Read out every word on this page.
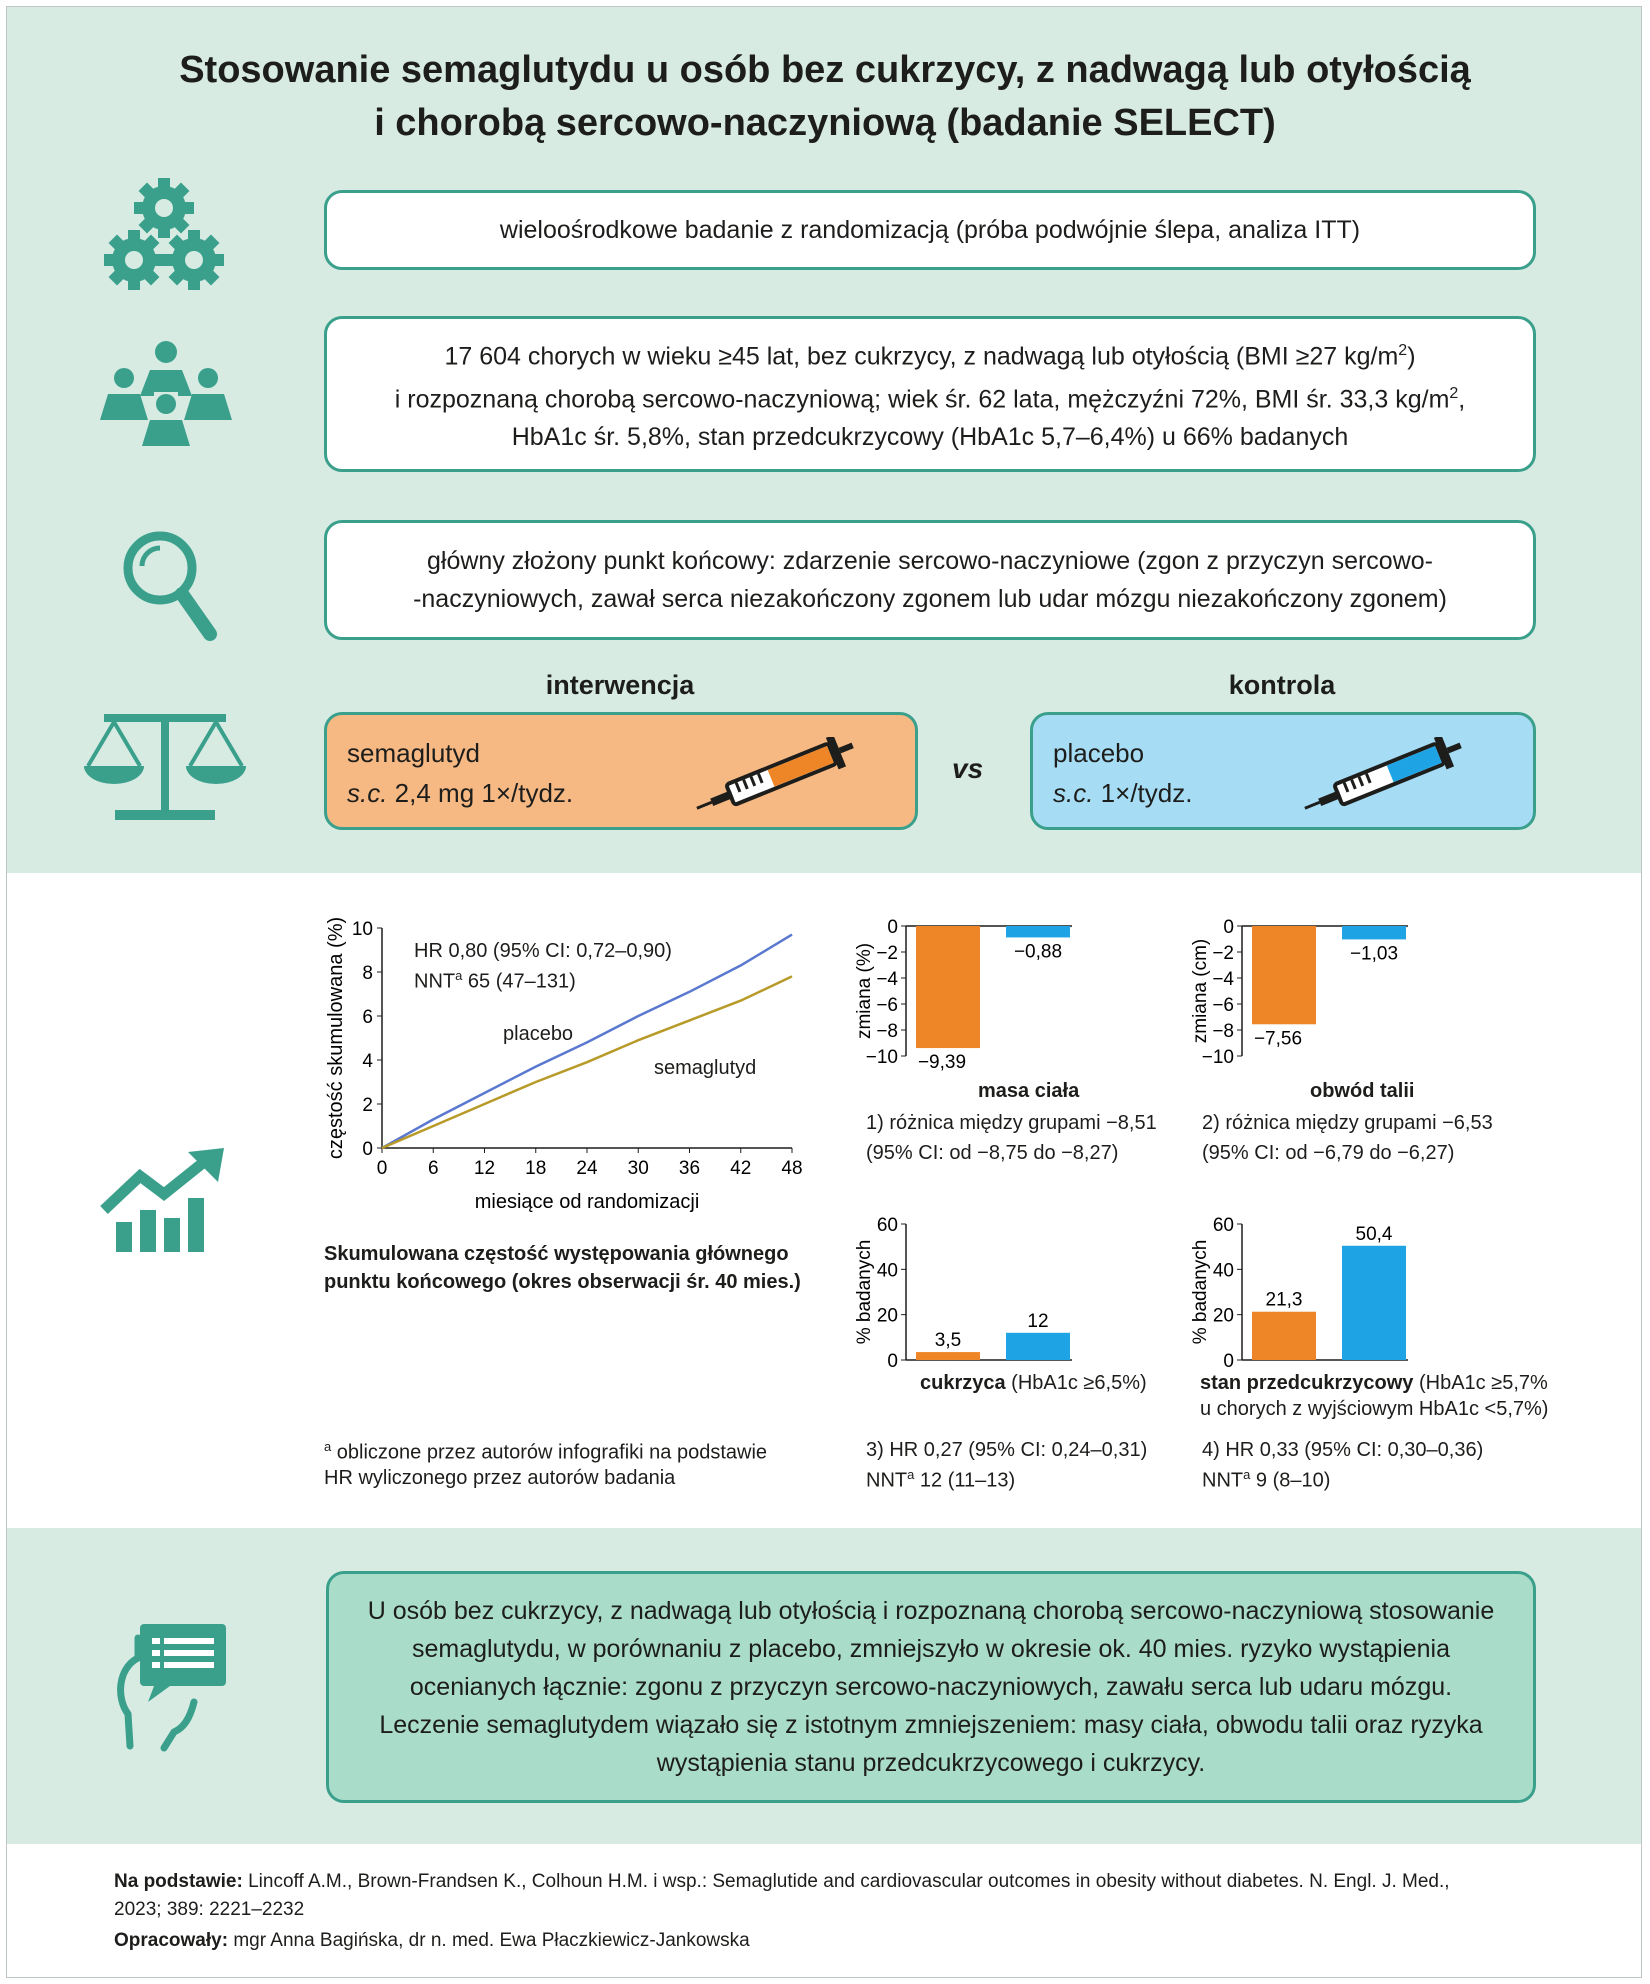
Stosowanie semaglutydu u osób bez cukrzycy, z nadwagą lub otyłością
i chorobą sercowo-naczyniową (badanie SELECT)
wieloośrodkowe badanie z randomizacją (próba podwójnie ślepa, analiza ITT)
17 604 chorych w wieku ≥45 lat, bez cukrzycy, z nadwagą lub otyłością (BMI ≥27 $kg/m^2$)
i rozpoznaną chorobą sercowo-naczyniową; wiek śr. 62 lata, mężczyźni 72%, BMI śr. 33,3 $kg/m^2$,
HbA1c śr. 5,8%, stan przedcukrzycowy (HbA1c 5,7–6,4%) u 66% badanych
główny złożony punkt końcowy: zdarzenie sercowo-naczyniowe (zgon z przyczyn sercowo-
-naczyniowych, zawał serca niezakończony zgonem lub udar mózgu niezakończony zgonem)
interwencja	kontrola
semaglutyd
s.c. 2,4 mg 1×/tydz.
vs	placebo
s.c. 1×/tydz.
0
2
4
6
8
10
0 6 12 18 24 30 36 42 48
miesiące od randomizacji
częstość skumulowana (%)	HR 0,80 (95% CI: 0,72–0,90)
NNT$^a$ 65 (47–131)
placebo
semaglutyd
Skumulowana częstość występowania głównego
punktu końcowego (okres obserwacji śr. 40 mies.)
$^a$ obliczone przez autorów infografiki na podstawie
HR wyliczonego przez autorów badania
0
−2
−4
−6
−8
−10
zmiana (%)
−9,39
−0,88
0
−2
−4
−6
−8
−10
zmiana (cm) −7,56
−1,03
0
20
40
60
% badanych	3,5
12
0
20
40
60
% badanych	21,3
50,4
masa ciała
1) różnica między grupami −8,51
(95% CI: od −8,75 do −8,27)
obwód talii
2) różnica między grupami −6,53
(95% CI: od −6,79 do −6,27)
cukrzyca (HbA1c ≥6,5%)
3) HR 0,27 (95% CI: 0,24–0,31)
NNT$^a$ 12 (11–13)
stan przedcukrzycowy (HbA1c ≥5,7%
u chorych z wyjściowym HbA1c <5,7%)
4) HR 0,33 (95% CI: 0,30–0,36)
NNT$^a$ 9 (8–10)
U osób bez cukrzycy, z nadwagą lub otyłością i rozpoznaną chorobą sercowo-naczyniową stosowanie semaglutydu, w porównaniu z placebo, zmniejszyło w okresie ok. 40 mies. ryzyko wystąpienia ocenianych łącznie: zgonu z przyczyn sercowo-naczyniowych, zawału serca lub udaru mózgu. Leczenie semaglutydem wiązało się z istotnym zmniejszeniem: masy ciała, obwodu talii oraz ryzyka wystąpienia stanu przedcukrzycowego i cukrzycy.
Na podstawie: Lincoff A.M., Brown-Frandsen K., Colhoun H.M. i wsp.: Semaglutide and cardiovascular outcomes in obesity without diabetes. N. Engl. J. Med.,
2023; 389: 2221–2232
Opracowały: mgr Anna Bagińska, dr n. med. Ewa Płaczkiewicz-Jankowska
